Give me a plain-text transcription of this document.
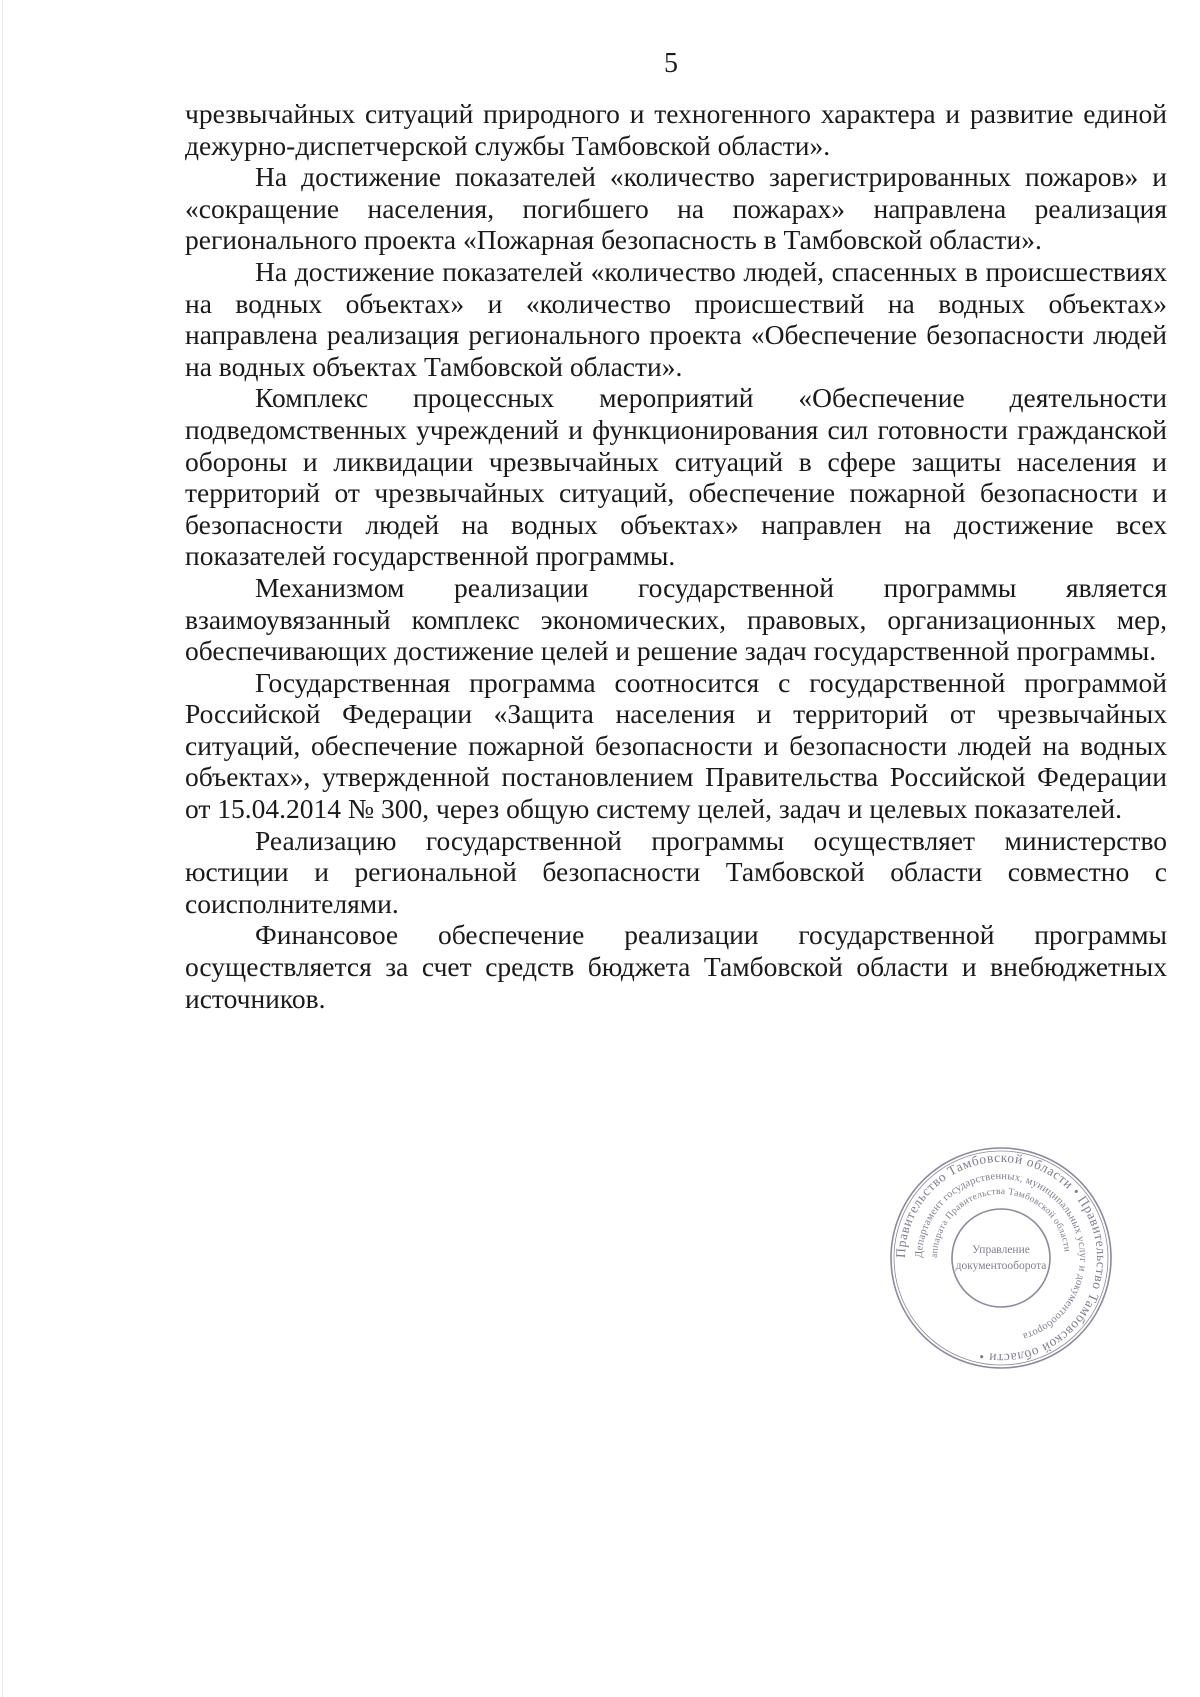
5

чрезвычайных ситуаций природного и техногенного характера и развитие единой дежурно-диспетчерской службы Тамбовской области».

На достижение показателей «количество зарегистрированных пожаров» и «сокращение населения, погибшего на пожарах» направлена реализация регионального проекта «Пожарная безопасность в Тамбовской области».

На достижение показателей «количество людей, спасенных в происшествиях на водных объектах» и «количество происшествий на водных объектах» направлена реализация регионального проекта «Обеспечение безопасности людей на водных объектах Тамбовской области».

Комплекс процессных мероприятий «Обеспечение деятельности подведомственных учреждений и функционирования сил готовности гражданской обороны и ликвидации чрезвычайных ситуаций в сфере защиты населения и территорий от чрезвычайных ситуаций, обеспечение пожарной безопасности и безопасности людей на водных объектах» направлен на достижение всех показателей государственной программы.

Механизмом реализации государственной программы является взаимоувязанный комплекс экономических, правовых, организационных мер, обеспечивающих достижение целей и решение задач государственной программы.

Государственная программа соотносится с государственной программой Российской Федерации «Защита населения и территорий от чрезвычайных ситуаций, обеспечение пожарной безопасности и безопасности людей на водных объектах», утвержденной постановлением Правительства Российской Федерации от 15.04.2014 № 300, через общую систему целей, задач и целевых показателей.

Реализацию государственной программы осуществляет министерство юстиции и региональной безопасности Тамбовской области совместно с соисполнителями.

Финансовое обеспечение реализации государственной программы осуществляется за счет средств бюджета Тамбовской области и внебюджетных источников.

Правительство Тамбовской области • Правительство Тамбовской области •
Департамент государственных, муниципальных услуг и документооборота
аппарата Правительства Тамбовской области
Управление
документооборота
